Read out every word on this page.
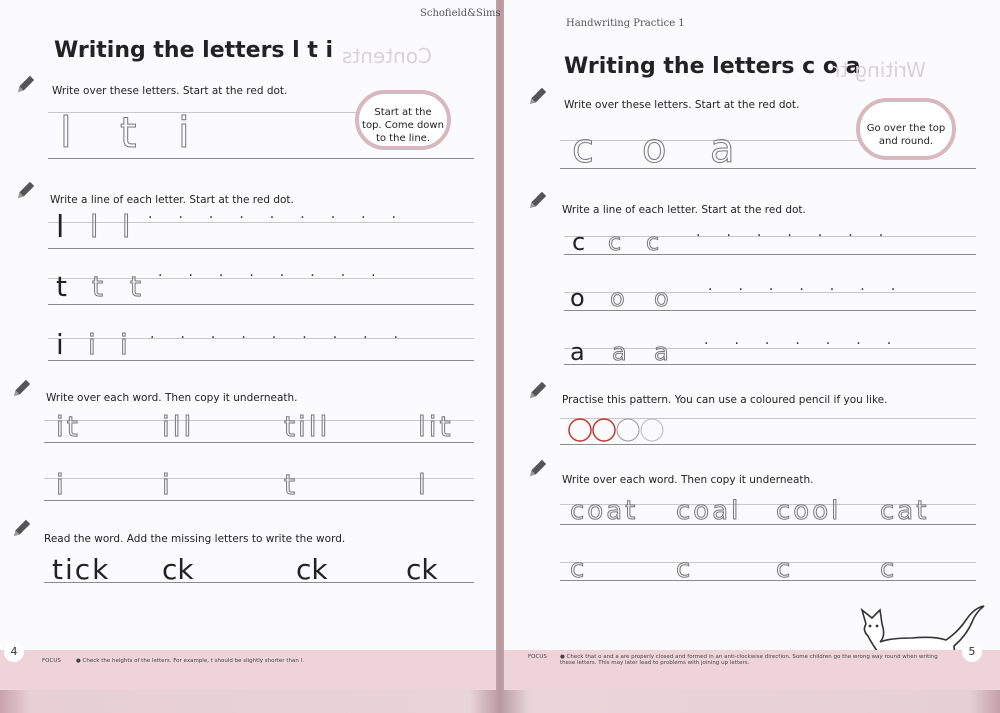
Schofield&Sims
Writing the letters l t i Contents
Write over these letters. Start at the red dot.
l t i	Start at the
top. Come down
to the line.
Write a line of each letter. Start at the red dot.
l l l ·········
t t t ········
i i i ·········
Write over each word. Then copy it underneath.
it	ill	till	lit
i	i	t	l
Read the word. Add the missing letters to write the word.
tick ck	ck	ck
4
FOCUS	● Check the heights of the letters. For example, t should be slightly shorter than l.
Handwriting Practice 1
Writing the letters c o a
Writing tr
Write over these letters. Start at the red dot.
c o a	Go over the top
and round.
Write a line of each letter. Start at the red dot.
c c c	·······
o o o	·······
a a a	·······
Practise this pattern. You can use a coloured pencil if you like.
Write over each word. Then copy it underneath.
coat coal cool cat
c	c	c	c
FOCUS ● Check that o and a are properly closed and formed in an anti-clockwise direction. Some children go the wrong way round when writing these letters. This may later lead to problems with joining up letters.
5
